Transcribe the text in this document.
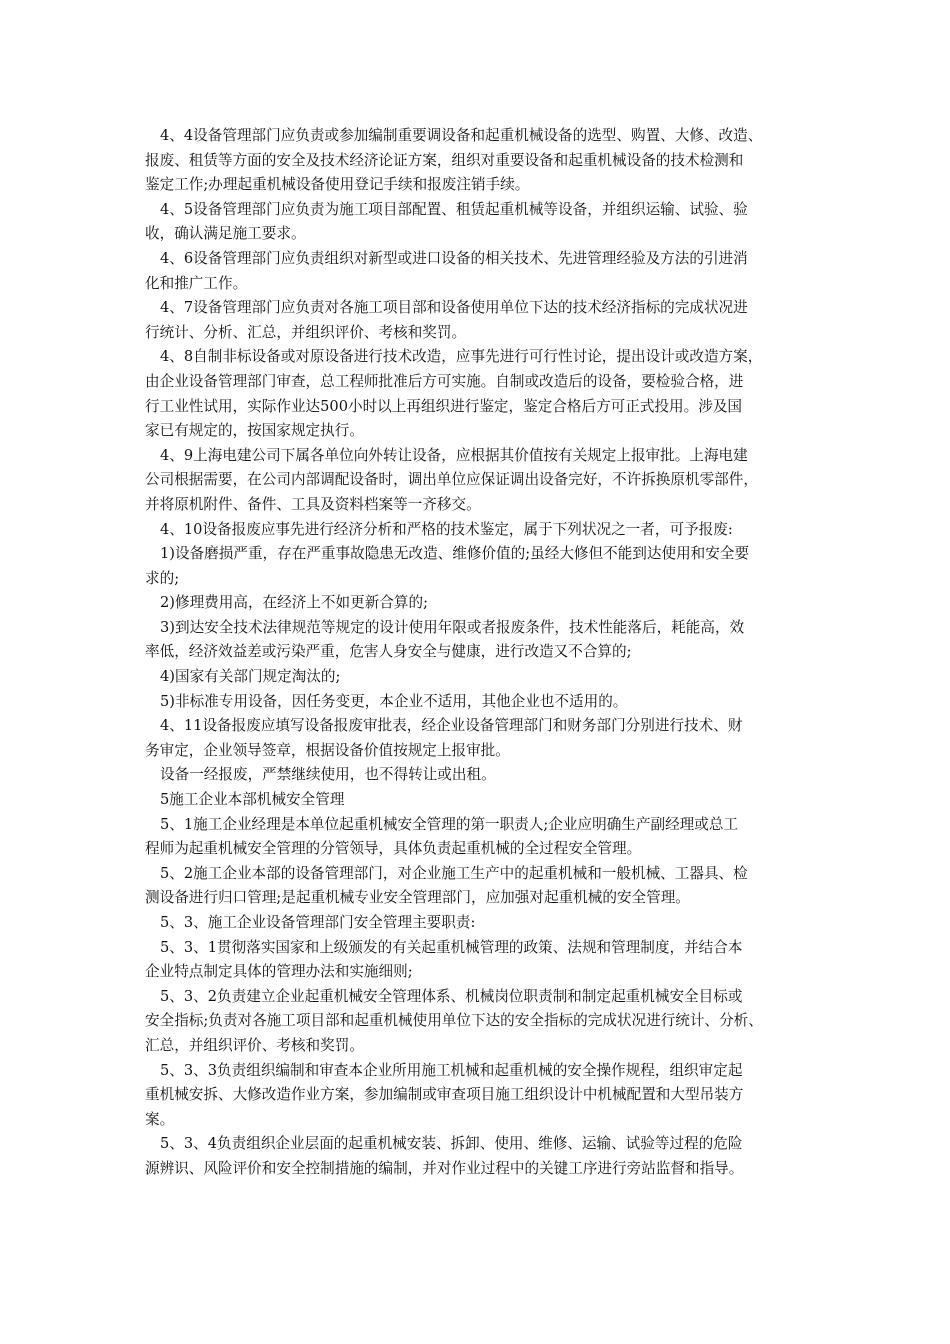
4、4设备管理部门应负责或参加编制重要调设备和起重机械设备的选型、购置、大修、改造、
报废、租赁等方面的安全及技术经济论证方案，组织对重要设备和起重机械设备的技术检测和
鉴定工作;办理起重机械设备使用登记手续和报废注销手续。

4、5设备管理部门应负责为施工项目部配置、租赁起重机械等设备，并组织运输、试验、验
收，确认满足施工要求。

4、6设备管理部门应负责组织对新型或进口设备的相关技术、先进管理经验及方法的引进消
化和推广工作。

4、7设备管理部门应负责对各施工项目部和设备使用单位下达的技术经济指标的完成状况进
行统计、分析、汇总，并组织评价、考核和奖罚。

4、8自制非标设备或对原设备进行技术改造，应事先进行可行性讨论，提出设计或改造方案，
由企业设备管理部门审查，总工程师批准后方可实施。自制或改造后的设备，要检验合格，进
行工业性试用，实际作业达500小时以上再组织进行鉴定，鉴定合格后方可正式投用。涉及国
家已有规定的，按国家规定执行。

4、9上海电建公司下属各单位向外转让设备，应根据其价值按有关规定上报审批。上海电建
公司根据需要，在公司内部调配设备时，调出单位应保证调出设备完好，不许拆换原机零部件，
并将原机附件、备件、工具及资料档案等一齐移交。

4、10设备报废应事先进行经济分析和严格的技术鉴定，属于下列状况之一者，可予报废:

1)设备磨损严重，存在严重事故隐患无改造、维修价值的;虽经大修但不能到达使用和安全要
求的;

2)修理费用高，在经济上不如更新合算的;

3)到达安全技术法律规范等规定的设计使用年限或者报废条件，技术性能落后，耗能高，效
率低，经济效益差或污染严重，危害人身安全与健康，进行改造又不合算的;

4)国家有关部门规定淘汰的;

5)非标准专用设备，因任务变更，本企业不适用，其他企业也不适用的。

4、11设备报废应填写设备报废审批表，经企业设备管理部门和财务部门分别进行技术、财
务审定，企业领导签章，根据设备价值按规定上报审批。

设备一经报废，严禁继续使用，也不得转让或出租。

5施工企业本部机械安全管理

5、1施工企业经理是本单位起重机械安全管理的第一职责人;企业应明确生产副经理或总工
程师为起重机械安全管理的分管领导，具体负责起重机械的全过程安全管理。

5、2施工企业本部的设备管理部门，对企业施工生产中的起重机械和一般机械、工器具、检
测设备进行归口管理;是起重机械专业安全管理部门，应加强对起重机械的安全管理。

5、3、施工企业设备管理部门安全管理主要职责:

5、3、1贯彻落实国家和上级颁发的有关起重机械管理的政策、法规和管理制度，并结合本
企业特点制定具体的管理办法和实施细则;

5、3、2负责建立企业起重机械安全管理体系、机械岗位职责制和制定起重机械安全目标或
安全指标;负责对各施工项目部和起重机械使用单位下达的安全指标的完成状况进行统计、分析、
汇总，并组织评价、考核和奖罚。

5、3、3负责组织编制和审查本企业所用施工机械和起重机械的安全操作规程，组织审定起
重机械安拆、大修改造作业方案，参加编制或审查项目施工组织设计中机械配置和大型吊装方
案。

5、3、4负责组织企业层面的起重机械安装、拆卸、使用、维修、运输、试验等过程的危险
源辨识、风险评价和安全控制措施的编制，并对作业过程中的关键工序进行旁站监督和指导。
